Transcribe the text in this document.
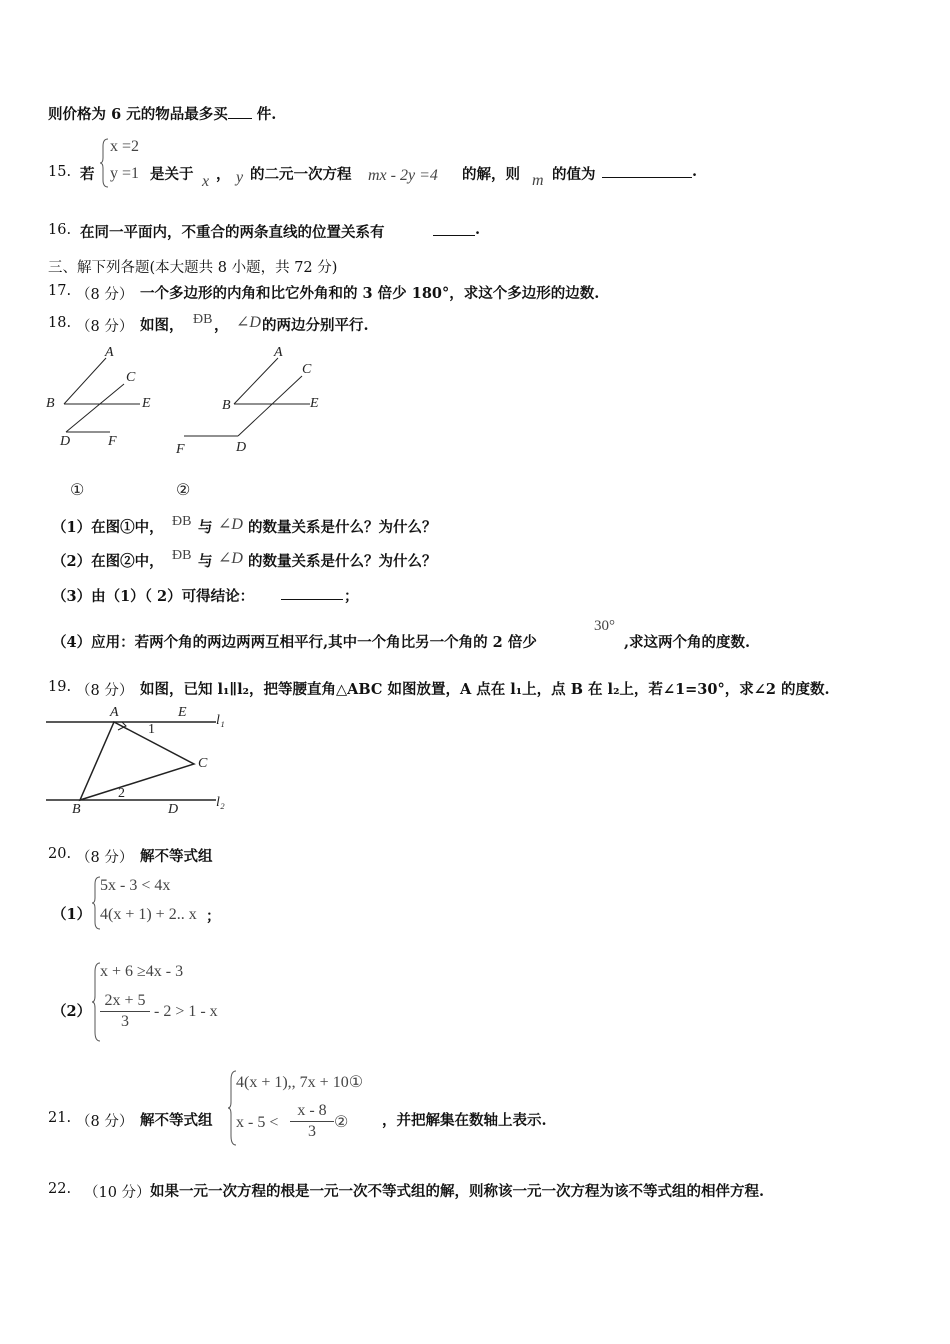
则价格为 6 元的物品最多买 件.
15. 若
x =2
y =1 是关于 x ， y 的二元一次方程 mx - 2y =4 的解，则 m 的值为	.
16. 在同一平面内，不重合的两条直线的位置关系有	.
三、解下列各题(本大题共 8 小题，共 72 分)
17. （8 分） 一个多边形的内角和比它外角和的 3 倍少 180°，求这个多边形的边数.
18. （8 分） 如图， ÐB ， ∠D 的两边分别平行.
A
C
B	E
D	F
①
A
C
B	E
D
F
②
（1）在图①中， ÐB 与 ∠D 的数量关系是什么？为什么？
（2）在图②中， ÐB 与 ∠D 的数量关系是什么？为什么？
（3）由（1）（ 2）可得结论：	；
（4）应用：若两个角的两边两两互相平行,其中一个角比另一个角的 2 倍少
30°
,求这两个角的度数.
19. （8 分） 如图，已知 l₁∥l₂，把等腰直角△ABC 如图放置，A 点在 l₁上，点 B 在 l₂上，若∠1=30°，求∠2 的度数.
A	E
l₁
1
C
2
B	D	l₂
20. （8 分） 解不等式组
（1）
5x - 3 < 4x
4(x + 1) + 2.. x ；
（2）
x + 6 ≥4x - 3
2x + 5
3
- 2 > 1 - x
21. （8 分） 解不等式组
4(x + 1),, 7x + 10①
x - 5 <
x - 8
3
② ，并把解集在数轴上表示.
22. （10 分） 如果一元一次方程的根是一元一次不等式组的解，则称该一元一次方程为该不等式组的相伴方程.
